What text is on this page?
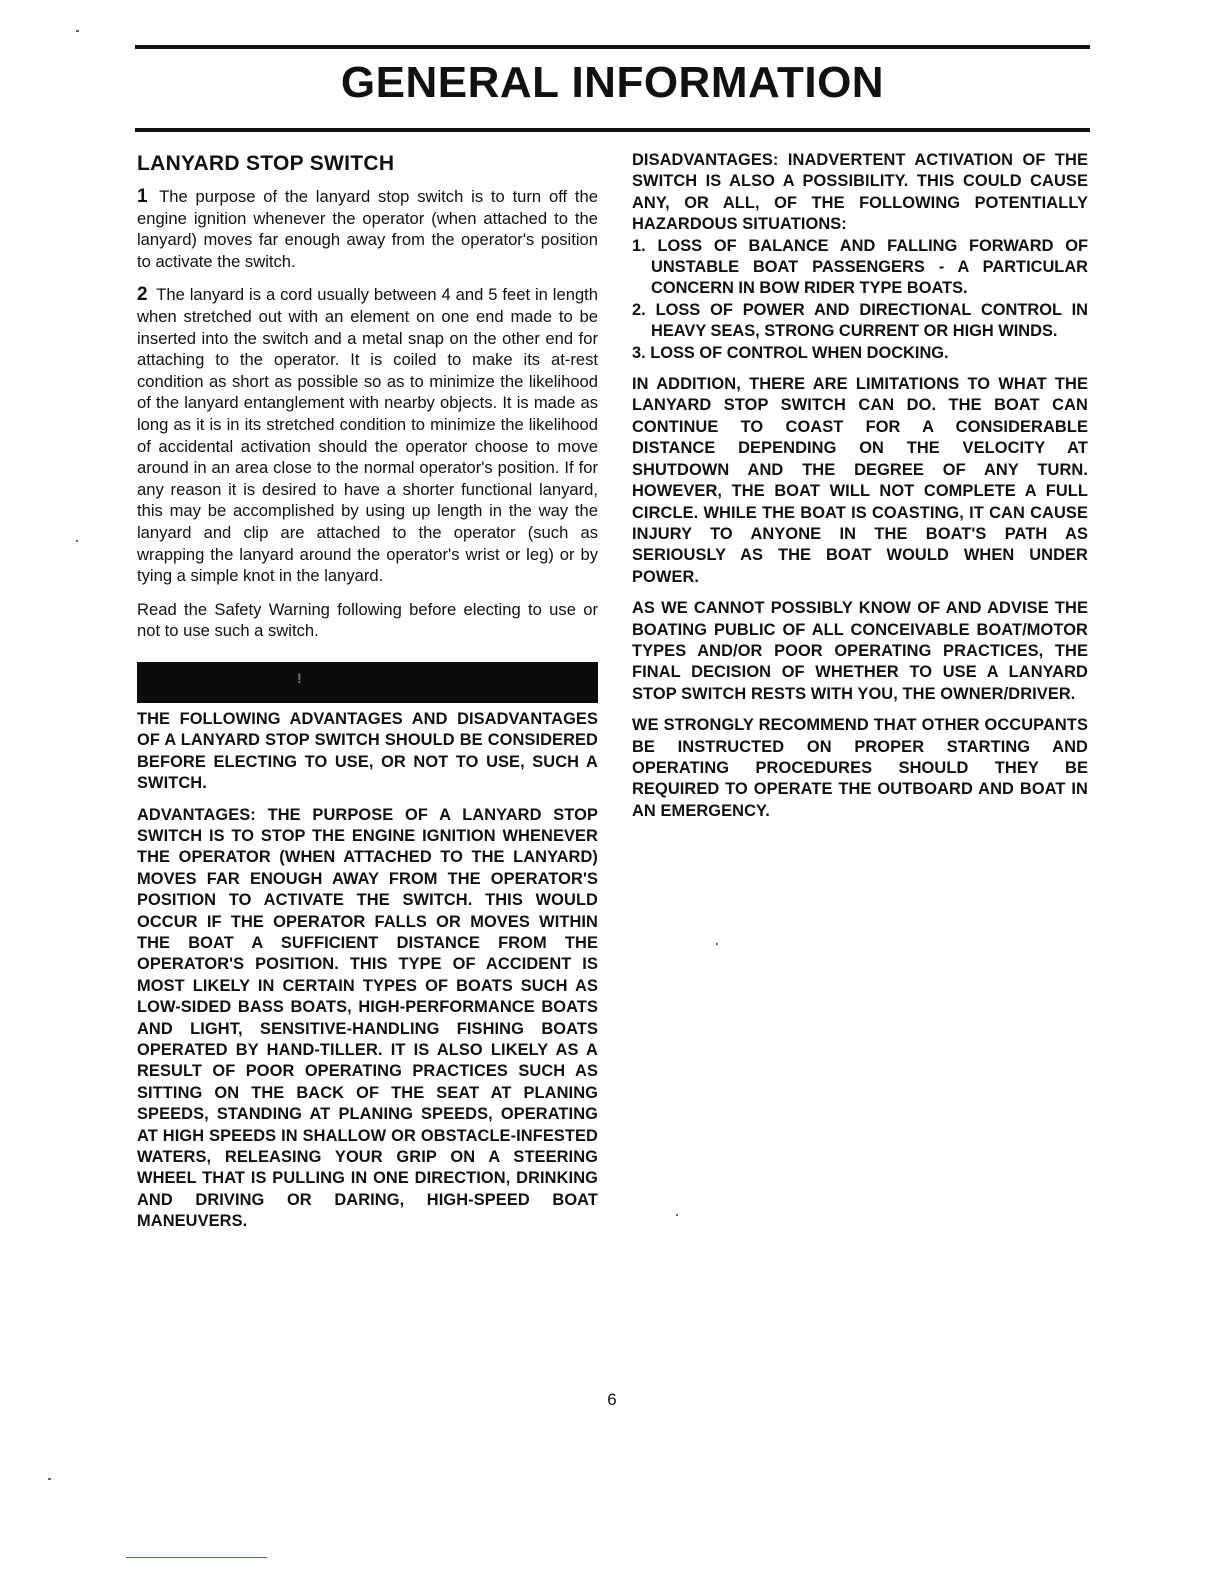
GENERAL INFORMATION
LANYARD STOP SWITCH

1 The purpose of the lanyard stop switch is to turn off the engine ignition whenever the operator (when attached to the lanyard) moves far enough away from the operator's position to activate the switch.

2 The lanyard is a cord usually between 4 and 5 feet in length when stretched out with an element on one end made to be inserted into the switch and a metal snap on the other end for attaching to the operator. It is coiled to make its at-rest condition as short as possible so as to minimize the likelihood of the lanyard entanglement with nearby objects. It is made as long as it is in its stretched condition to minimize the likelihood of accidental activation should the operator choose to move around in an area close to the normal operator's position. If for any reason it is desired to have a shorter functional lanyard, this may be accomplished by using up length in the way the lanyard and clip are attached to the operator (such as wrapping the lanyard around the operator's wrist or leg) or by tying a simple knot in the lanyard.

Read the Safety Warning following before electing to use or not to use such a switch.

!

THE FOLLOWING ADVANTAGES AND DISADVANTAGES OF A LANYARD STOP SWITCH SHOULD BE CONSIDERED BEFORE ELECTING TO USE, OR NOT TO USE, SUCH A SWITCH.

ADVANTAGES: THE PURPOSE OF A LANYARD STOP SWITCH IS TO STOP THE ENGINE IGNITION WHENEVER THE OPERATOR (WHEN ATTACHED TO THE LANYARD) MOVES FAR ENOUGH AWAY FROM THE OPERATOR'S POSITION TO ACTIVATE THE SWITCH. THIS WOULD OCCUR IF THE OPERATOR FALLS OR MOVES WITHIN THE BOAT A SUFFICIENT DISTANCE FROM THE OPERATOR'S POSITION. THIS TYPE OF ACCIDENT IS MOST LIKELY IN CERTAIN TYPES OF BOATS SUCH AS LOW-SIDED BASS BOATS, HIGH-PERFORMANCE BOATS AND LIGHT, SENSITIVE-HANDLING FISHING BOATS OPERATED BY HAND-TILLER. IT IS ALSO LIKELY AS A RESULT OF POOR OPERATING PRACTICES SUCH AS SITTING ON THE BACK OF THE SEAT AT PLANING SPEEDS, STANDING AT PLANING SPEEDS, OPERATING AT HIGH SPEEDS IN SHALLOW OR OBSTACLE-INFESTED WATERS, RELEASING YOUR GRIP ON A STEERING WHEEL THAT IS PULLING IN ONE DIRECTION, DRINKING AND DRIVING OR DARING, HIGH-SPEED BOAT MANEUVERS.

DISADVANTAGES: INADVERTENT ACTIVATION OF THE SWITCH IS ALSO A POSSIBILITY. THIS COULD CAUSE ANY, OR ALL, OF THE FOLLOWING POTENTIALLY HAZARDOUS SITUATIONS:

1. LOSS OF BALANCE AND FALLING FORWARD OF UNSTABLE BOAT PASSENGERS - A PARTICULAR CONCERN IN BOW RIDER TYPE BOATS.
2. LOSS OF POWER AND DIRECTIONAL CONTROL IN HEAVY SEAS, STRONG CURRENT OR HIGH WINDS.
3. LOSS OF CONTROL WHEN DOCKING.

IN ADDITION, THERE ARE LIMITATIONS TO WHAT THE LANYARD STOP SWITCH CAN DO. THE BOAT CAN CONTINUE TO COAST FOR A CONSIDERABLE DISTANCE DEPENDING ON THE VELOCITY AT SHUTDOWN AND THE DEGREE OF ANY TURN. HOWEVER, THE BOAT WILL NOT COMPLETE A FULL CIRCLE. WHILE THE BOAT IS COASTING, IT CAN CAUSE INJURY TO ANYONE IN THE BOAT'S PATH AS SERIOUSLY AS THE BOAT WOULD WHEN UNDER POWER.

AS WE CANNOT POSSIBLY KNOW OF AND ADVISE THE BOATING PUBLIC OF ALL CONCEIVABLE BOAT/MOTOR TYPES AND/OR POOR OPERATING PRACTICES, THE FINAL DECISION OF WHETHER TO USE A LANYARD STOP SWITCH RESTS WITH YOU, THE OWNER/DRIVER.

WE STRONGLY RECOMMEND THAT OTHER OCCUPANTS BE INSTRUCTED ON PROPER STARTING AND OPERATING PROCEDURES SHOULD THEY BE REQUIRED TO OPERATE THE OUTBOARD AND BOAT IN AN EMERGENCY.

6
